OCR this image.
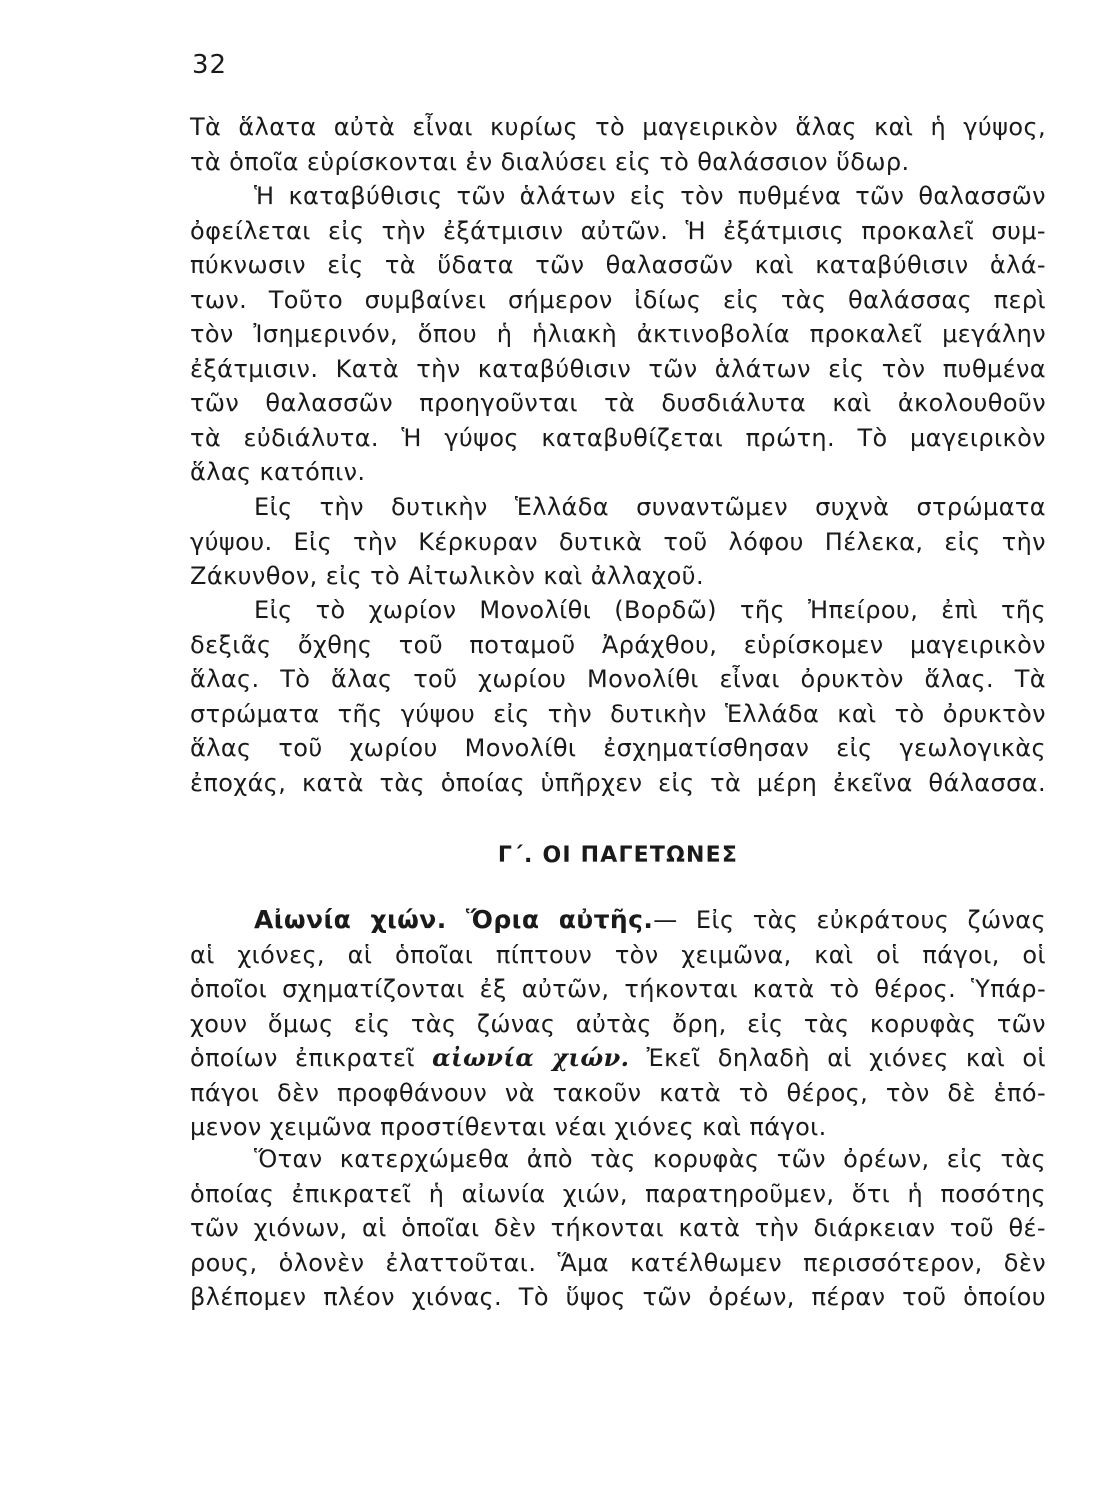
32
Τὰ ἅλατα αὐτὰ εἶναι κυρίως τὸ μαγειρικὸν ἅλας καὶ ἡ γύψος,
τὰ ὁποῖα εὑρίσκονται ἐν διαλύσει εἰς τὸ θαλάσσιον ὕδωρ.
Ἡ καταβύθισις τῶν ἁλάτων εἰς τὸν πυθμένα τῶν θαλασσῶν
ὀφείλεται εἰς τὴν ἐξάτμισιν αὐτῶν. Ἡ ἐξάτμισις προκαλεῖ συμ-
πύκνωσιν εἰς τὰ ὕδατα τῶν θαλασσῶν καὶ καταβύθισιν ἁλά-
των. Τοῦτο συμβαίνει σήμερον ἰδίως εἰς τὰς θαλάσσας περὶ
τὸν Ἰσημερινόν, ὅπου ἡ ἡλιακὴ ἀκτινοβολία προκαλεῖ μεγάλην
ἐξάτμισιν. Κατὰ τὴν καταβύθισιν τῶν ἁλάτων εἰς τὸν πυθμένα
τῶν θαλασσῶν προηγοῦνται τὰ δυσδιάλυτα καὶ ἀκολουθοῦν
τὰ εὐδιάλυτα. Ἡ γύψος καταβυθίζεται πρώτη. Τὸ μαγειρικὸν
ἅλας κατόπιν.
Εἰς τὴν δυτικὴν Ἑλλάδα συναντῶμεν συχνὰ στρώματα
γύψου. Εἰς τὴν Κέρκυραν δυτικὰ τοῦ λόφου Πέλεκα, εἰς τὴν
Ζάκυνθον, εἰς τὸ Αἰτωλικὸν καὶ ἀλλαχοῦ.
Εἰς τὸ χωρίον Μονολίθι (Βορδῶ) τῆς Ἠπείρου, ἐπὶ τῆς
δεξιᾶς ὄχθης τοῦ ποταμοῦ Ἀράχθου, εὑρίσκομεν μαγειρικὸν
ἅλας. Τὸ ἅλας τοῦ χωρίου Μονολίθι εἶναι ὀρυκτὸν ἅλας. Τὰ
στρώματα τῆς γύψου εἰς τὴν δυτικὴν Ἑλλάδα καὶ τὸ ὀρυκτὸν
ἅλας τοῦ χωρίου Μονολίθι ἐσχηματίσθησαν εἰς γεωλογικὰς
ἐποχάς, κατὰ τὰς ὁποίας ὑπῆρχεν εἰς τὰ μέρη ἐκεῖνα θάλασσα.
Γ΄. ΟΙ ΠΑΓΕΤΩΝΕΣ
Αἰωνία χιών. Ὅρια αὐτῆς.— Εἰς τὰς εὐκράτους ζώνας
αἱ χιόνες, αἱ ὁποῖαι πίπτουν τὸν χειμῶνα, καὶ οἱ πάγοι, οἱ
ὁποῖοι σχηματίζονται ἐξ αὐτῶν, τήκονται κατὰ τὸ θέρος. Ὑπάρ-
χουν ὅμως εἰς τὰς ζώνας αὐτὰς ὄρη, εἰς τὰς κορυφὰς τῶν
ὁποίων ἐπικρατεῖ αἰωνία χιών. Ἐκεῖ δηλαδὴ αἱ χιόνες καὶ οἱ
πάγοι δὲν προφθάνουν νὰ τακοῦν κατὰ τὸ θέρος, τὸν δὲ ἑπό-
μενον χειμῶνα προστίθενται νέαι χιόνες καὶ πάγοι.
Ὅταν κατερχώμεθα ἀπὸ τὰς κορυφὰς τῶν ὀρέων, εἰς τὰς
ὁποίας ἐπικρατεῖ ἡ αἰωνία χιών, παρατηροῦμεν, ὅτι ἡ ποσότης
τῶν χιόνων, αἱ ὁποῖαι δὲν τήκονται κατὰ τὴν διάρκειαν τοῦ θέ-
ρους, ὁλονὲν ἐλαττοῦται. Ἅμα κατέλθωμεν περισσότερον, δὲν
βλέπομεν πλέον χιόνας. Τὸ ὕψος τῶν ὀρέων, πέραν τοῦ ὁποίου
